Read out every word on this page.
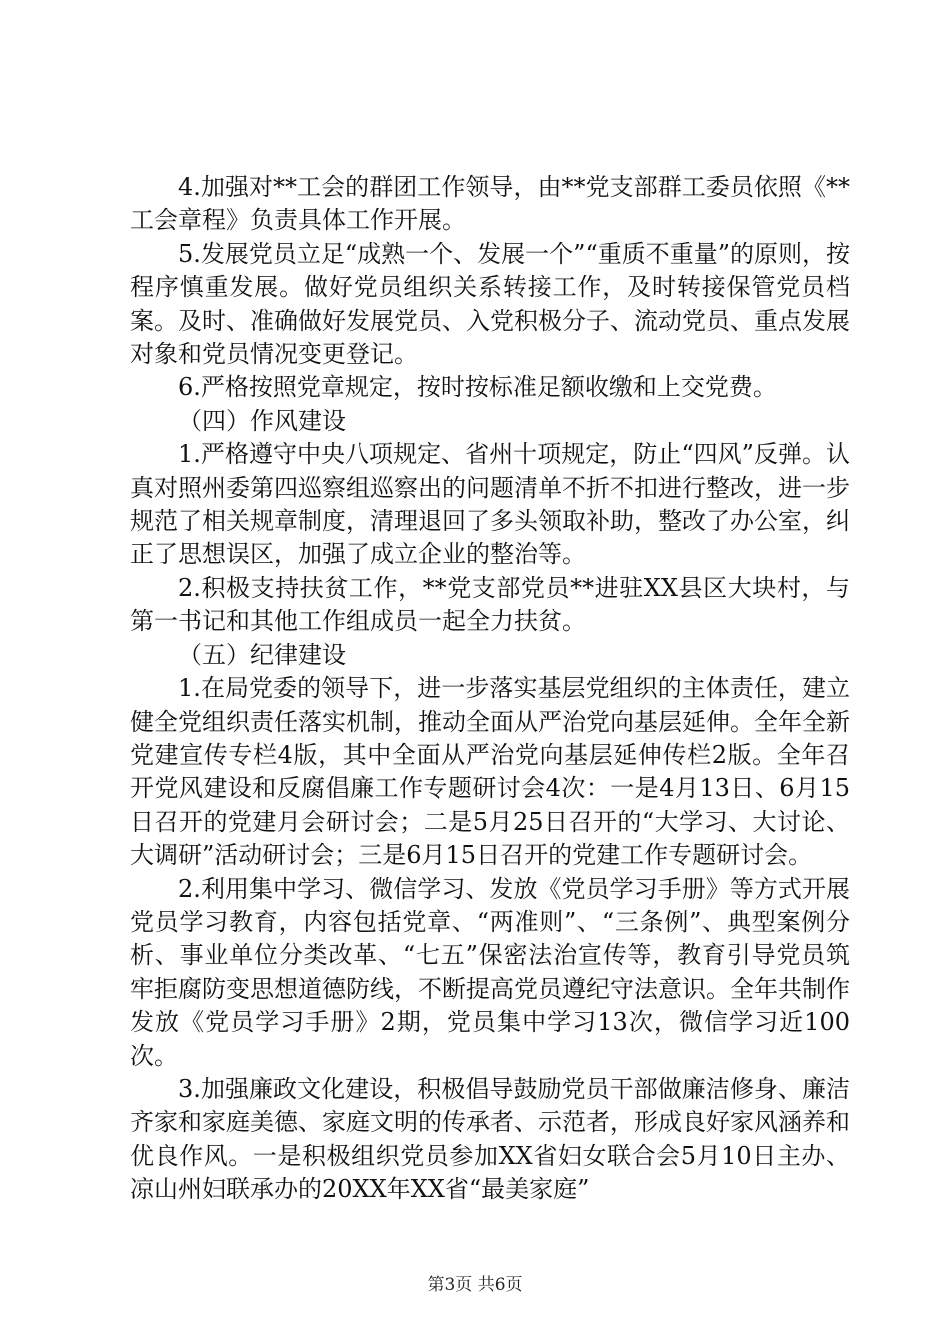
4.加强对**工会的群团工作领导，由**党支部群工委员依照《**工会章程》负责具体工作开展。

5.发展党员立足“成熟一个、发展一个”“重质不重量”的原则，按程序慎重发展。做好党员组织关系转接工作，及时转接保管党员档案。及时、准确做好发展党员、入党积极分子、流动党员、重点发展对象和党员情况变更登记。

6.严格按照党章规定，按时按标准足额收缴和上交党费。

（四）作风建设

1.严格遵守中央八项规定、省州十项规定，防止“四风”反弹。认真对照州委第四巡察组巡察出的问题清单不折不扣进行整改，进一步规范了相关规章制度，清理退回了多头领取补助，整改了办公室，纠正了思想误区，加强了成立企业的整治等。

2.积极支持扶贫工作，**党支部党员**进驻XX县区大块村，与第一书记和其他工作组成员一起全力扶贫。

（五）纪律建设

1.在局党委的领导下，进一步落实基层党组织的主体责任，建立健全党组织责任落实机制，推动全面从严治党向基层延伸。全年全新党建宣传专栏4版，其中全面从严治党向基层延伸传栏2版。全年召开党风建设和反腐倡廉工作专题研讨会4次：一是4月13日、6月15日召开的党建月会研讨会；二是5月25日召开的“大学习、大讨论、大调研”活动研讨会；三是6月15日召开的党建工作专题研讨会。

2.利用集中学习、微信学习、发放《党员学习手册》等方式开展党员学习教育，内容包括党章、“两准则”、“三条例”、典型案例分析、事业单位分类改革、“七五”保密法治宣传等，教育引导党员筑牢拒腐防变思想道德防线，不断提高党员遵纪守法意识。全年共制作发放《党员学习手册》2期，党员集中学习13次，微信学习近100次。

3.加强廉政文化建设，积极倡导鼓励党员干部做廉洁修身、廉洁齐家和家庭美德、家庭文明的传承者、示范者，形成良好家风涵养和优良作风。一是积极组织党员参加XX省妇女联合会5月10日主办、凉山州妇联承办的20XX年XX省“最美家庭”

第3页 共6页
